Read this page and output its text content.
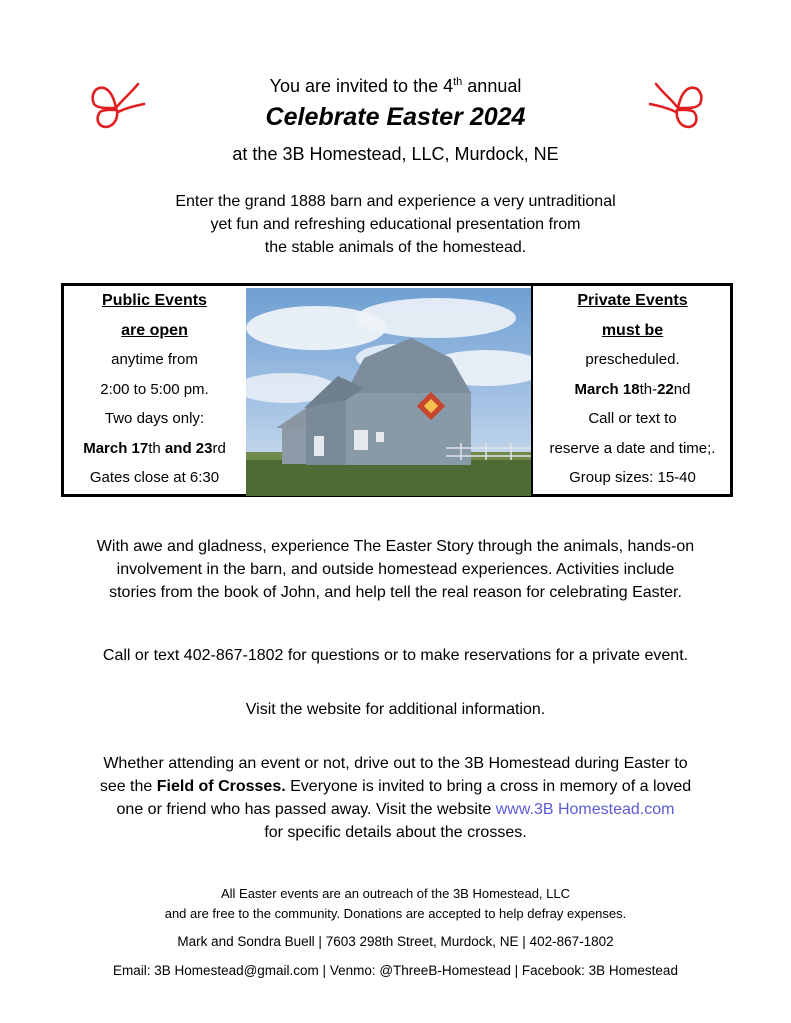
You are invited to the 4th annual
Celebrate Easter 2024
at the 3B Homestead, LLC, Murdock, NE
Enter the grand 1888 barn and experience a very untraditional
yet fun and refreshing educational presentation from
the stable animals of the homestead.
Public Events
are open
anytime from
2:00 to 5:00 pm.
Two days only:
March 17th and 23rd
Gates close at 6:30
Private Events
must be
prescheduled.
March 18th-22nd
Call or text to
reserve a date and time;.
Group sizes: 15-40
With awe and gladness, experience The Easter Story through the animals, hands-on
involvement in the barn, and outside homestead experiences. Activities include
stories from the book of John, and help tell the real reason for celebrating Easter.
Call or text 402-867-1802 for questions or to make reservations for a private event.
Visit the website for additional information.
Whether attending an event or not, drive out to the 3B Homestead during Easter to
see the Field of Crosses. Everyone is invited to bring a cross in memory of a loved
one or friend who has passed away. Visit the website www.3B Homestead.com
for specific details about the crosses.
All Easter events are an outreach of the 3B Homestead, LLC
and are free to the community. Donations are accepted to help defray expenses.
Mark and Sondra Buell | 7603 298th Street, Murdock, NE | 402-867-1802
Email: 3B Homestead@gmail.com | Venmo: @ThreeB-Homestead | Facebook: 3B Homestead
